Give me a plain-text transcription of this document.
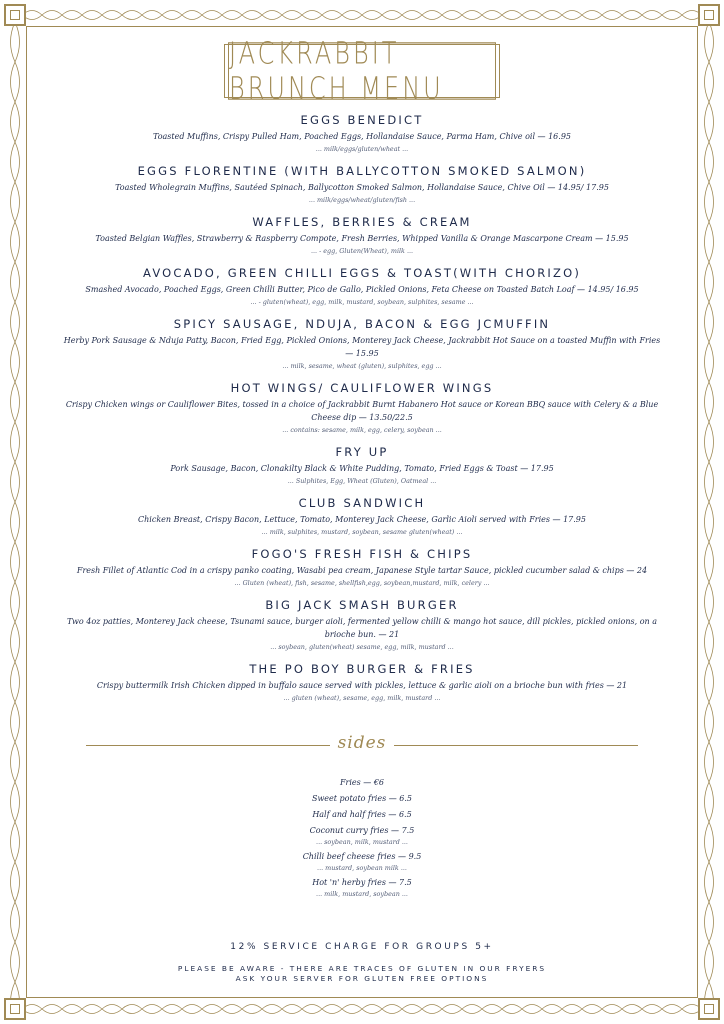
JACKRABBIT BRUNCH MENU
EGGS BENEDICT
Toasted Muffins, Crispy Pulled Ham, Poached Eggs, Hollandaise Sauce, Parma Ham, Chive oil — 16.95
... milk/eggs/gluten/wheat ...
EGGS FLORENTINE (WITH BALLYCOTTON SMOKED SALMON)
Toasted Wholegrain Muffins, Sautéed Spinach, Ballycotton Smoked Salmon, Hollandaise Sauce, Chive Oil — 14.95/ 17.95
... milk/eggs/wheat/gluten/fish ...
WAFFLES, BERRIES & CREAM
Toasted Belgian Waffles, Strawberry & Raspberry Compote, Fresh Berries, Whipped Vanilla & Orange Mascarpone Cream — 15.95
... - egg, Gluten(Wheat), milk ...
AVOCADO, GREEN CHILLI EGGS & TOAST(WITH CHORIZO)
Smashed Avocado, Poached Eggs, Green Chilli Butter, Pico de Gallo, Pickled Onions, Feta Cheese on Toasted Batch Loaf — 14.95/ 16.95
... - gluten(wheat), egg, milk, mustard, soybean, sulphites, sesame ...
SPICY SAUSAGE, NDUJA, BACON & EGG JCMUFFIN
Herby Pork Sausage & Nduja Patty, Bacon, Fried Egg, Pickled Onions, Monterey Jack Cheese, Jackrabbit Hot Sauce on a toasted Muffin with Fries — 15.95
... milk, sesame, wheat (gluten), sulphites, egg ...
HOT WINGS/ CAULIFLOWER WINGS
Crispy Chicken wings or Cauliflower Bites, tossed in a choice of Jackrabbit Burnt Habanero Hot sauce or Korean BBQ sauce with Celery & a Blue Cheese dip — 13.50/22.5
... contains: sesame, milk, egg, celery, soybean ...
FRY UP
Pork Sausage, Bacon, Clonakilty Black & White Pudding, Tomato, Fried Eggs & Toast — 17.95
... Sulphites, Egg, Wheat (Gluten), Oatmeal ...
CLUB SANDWICH
Chicken Breast, Crispy Bacon, Lettuce, Tomato, Monterey Jack Cheese, Garlic Aioli served with Fries — 17.95
... milk, sulphites, mustard, soybean, sesame gluten(wheat) ...
FOGO'S FRESH FISH & CHIPS
Fresh Fillet of Atlantic Cod in a crispy panko coating, Wasabi pea cream, Japanese Style tartar Sauce, pickled cucumber salad & chips — 24
... Gluten (wheat), fish, sesame, shellfish,egg, soybean,mustard, milk, celery ...
BIG JACK SMASH BURGER
Two 4oz patties, Monterey Jack cheese, Tsunami sauce, burger aioli, fermented yellow chilli & mango hot sauce, dill pickles, pickled onions, on a brioche bun. — 21
... soybean, gluten(wheat) sesame, egg, milk, mustard ...
THE PO BOY BURGER & FRIES
Crispy buttermilk Irish Chicken dipped in buffalo sauce served with pickles, lettuce & garlic aioli on a brioche bun with fries — 21
... gluten (wheat), sesame, egg, milk, mustard ...
sides
Fries — €6
Sweet potato fries — 6.5
Half and half fries — 6.5
Coconut curry fries — 7.5
... soybean, milk, mustard ...
Chilli beef cheese fries — 9.5
... mustard, soybean milk ...
Hot 'n' herby fries — 7.5
... milk, mustard, soybean ...
12% SERVICE CHARGE FOR GROUPS 5+
PLEASE BE AWARE - THERE ARE TRACES OF GLUTEN IN OUR FRYERS
ASK YOUR SERVER FOR GLUTEN FREE OPTIONS
